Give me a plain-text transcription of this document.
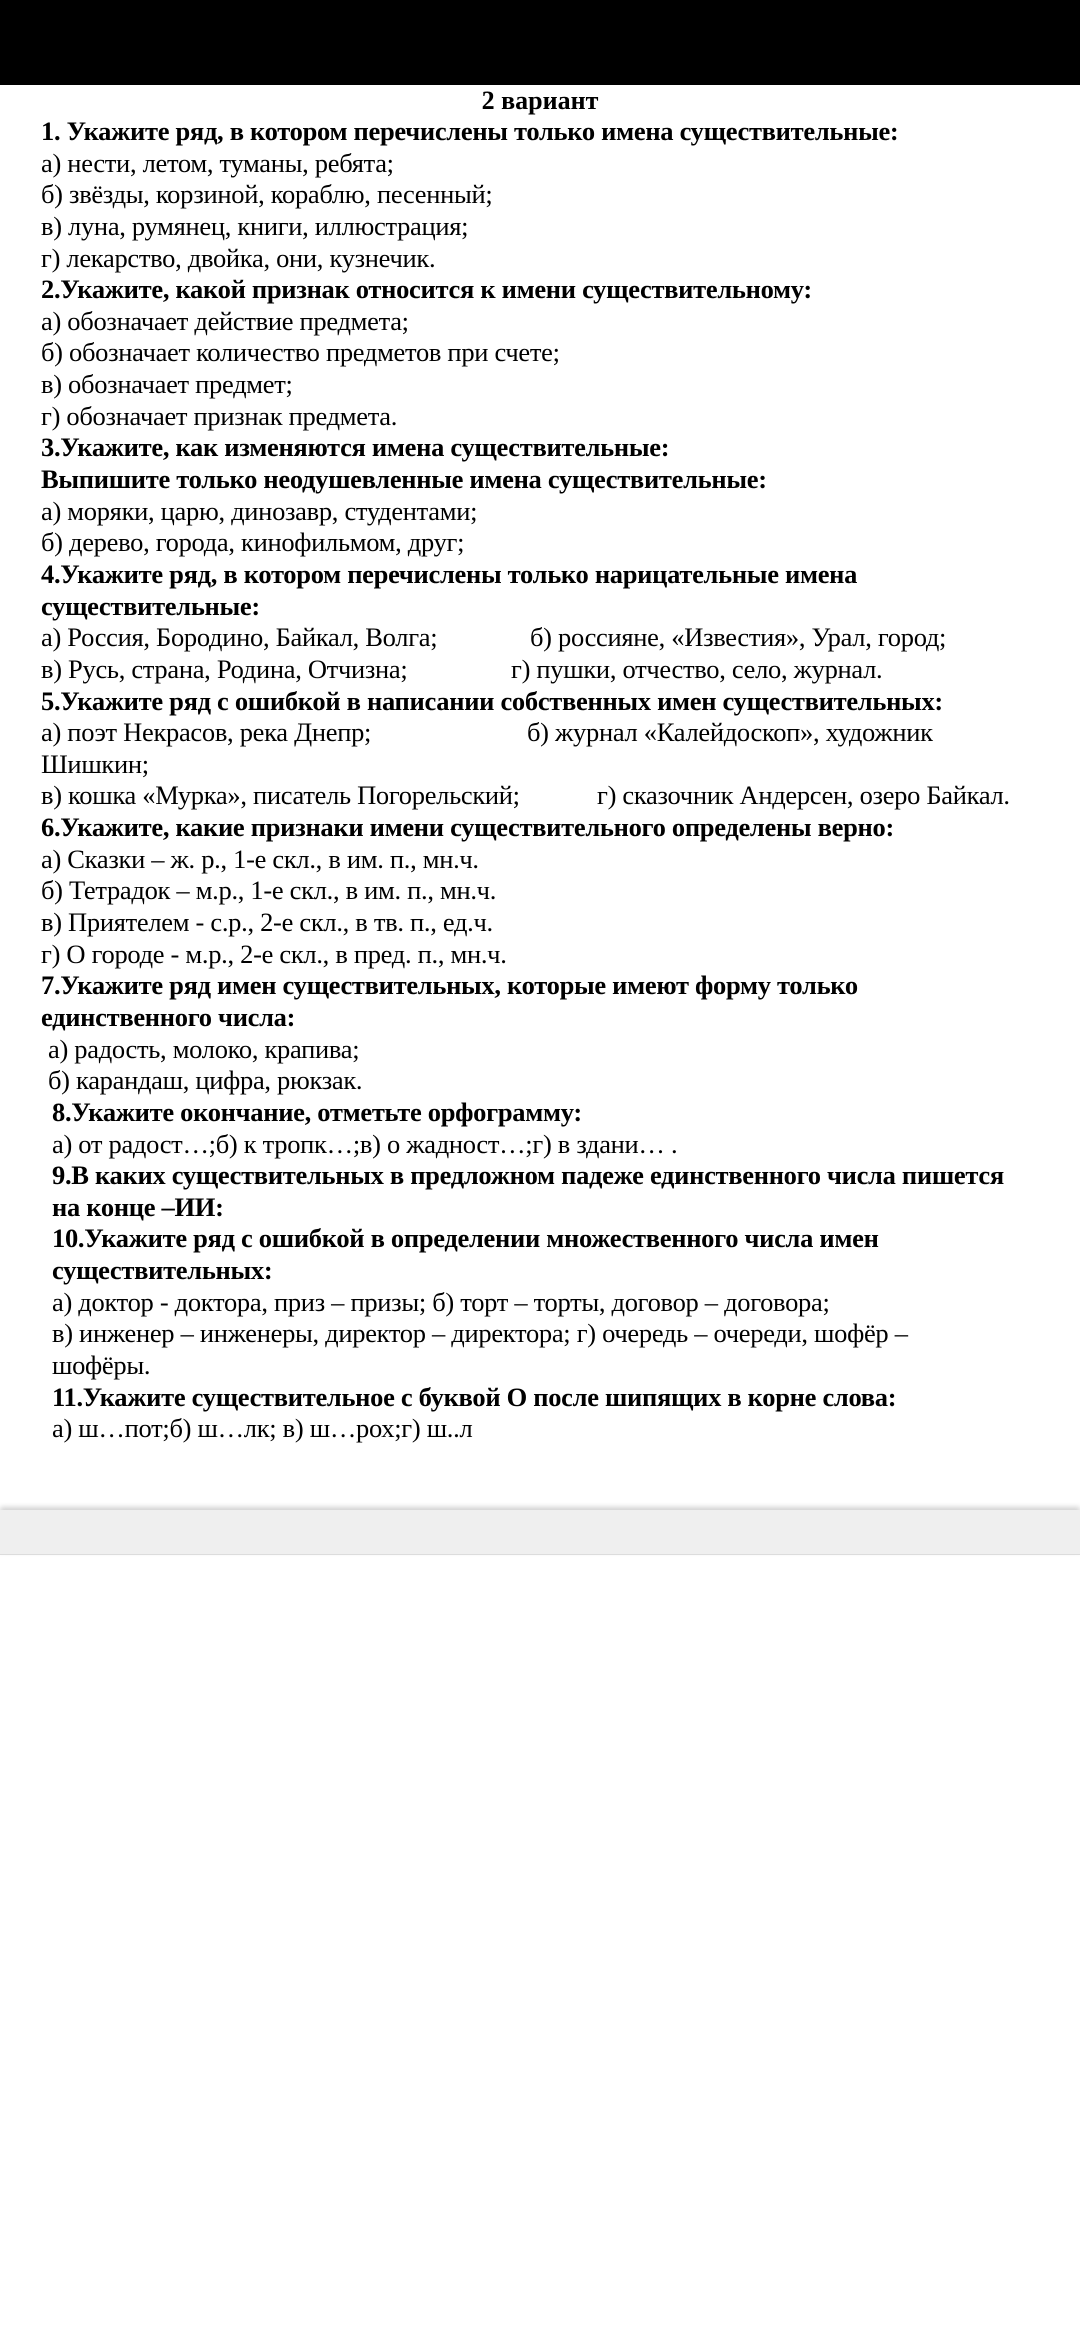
2 вариант
1. Укажите ряд, в котором перечислены только имена существительные:
а) нести, летом, туманы, ребята;
б) звёзды, корзиной, кораблю, песенный;
в) луна, румянец, книги, иллюстрация;
г) лекарство, двойка, они, кузнечик.
2.Укажите, какой признак относится к имени существительному:
а) обозначает действие предмета;
б) обозначает количество предметов при счете;
в) обозначает предмет;
г) обозначает признак предмета.
3.Укажите, как изменяются имена существительные:
Выпишите только неодушевленные имена существительные:
а) моряки, царю, динозавр, студентами;
б) дерево, города, кинофильмом, друг;
4.Укажите ряд, в котором перечислены только нарицательные имена
существительные:
а) Россия, Бородино, Байкал, Волга;	б) россияне, «Известия», Урал, город;
в) Русь, страна, Родина, Отчизна;	г) пушки, отчество, село, журнал.
5.Укажите ряд с ошибкой в написании собственных имен существительных:
а) поэт Некрасов, река Днепр;	б) журнал «Калейдоскоп», художник
Шишкин;
в) кошка «Мурка», писатель Погорельский;	г) сказочник Андерсен, озеро Байкал.
6.Укажите, какие признаки имени существительного определены верно:
а) Сказки – ж. р., 1-е скл., в им. п., мн.ч.
б) Тетрадок – м.р., 1-е скл., в им. п., мн.ч.
в) Приятелем - с.р., 2-е скл., в тв. п., ед.ч.
г) О городе - м.р., 2-е скл., в пред. п., мн.ч.
7.Укажите ряд имен существительных, которые имеют форму только
единственного числа:
а) радость, молоко, крапива;
б) карандаш, цифра, рюкзак.
8.Укажите окончание, отметьте орфограмму:
а) от радост…;б) к тропк…;в) о жадност…;г) в здани… .
9.В каких существительных в предложном падеже единственного числа пишется
на конце –ИИ:
10.Укажите ряд с ошибкой в определении множественного числа имен
существительных:
а) доктор - доктора, приз – призы; б) торт – торты, договор – договора;
в) инженер – инженеры, директор – директора; г) очередь – очереди, шофёр –
шофёры.
11.Укажите существительное с буквой О после шипящих в корне слова:
а) ш…пот;б) ш…лк; в) ш…рох;г) ш..л
